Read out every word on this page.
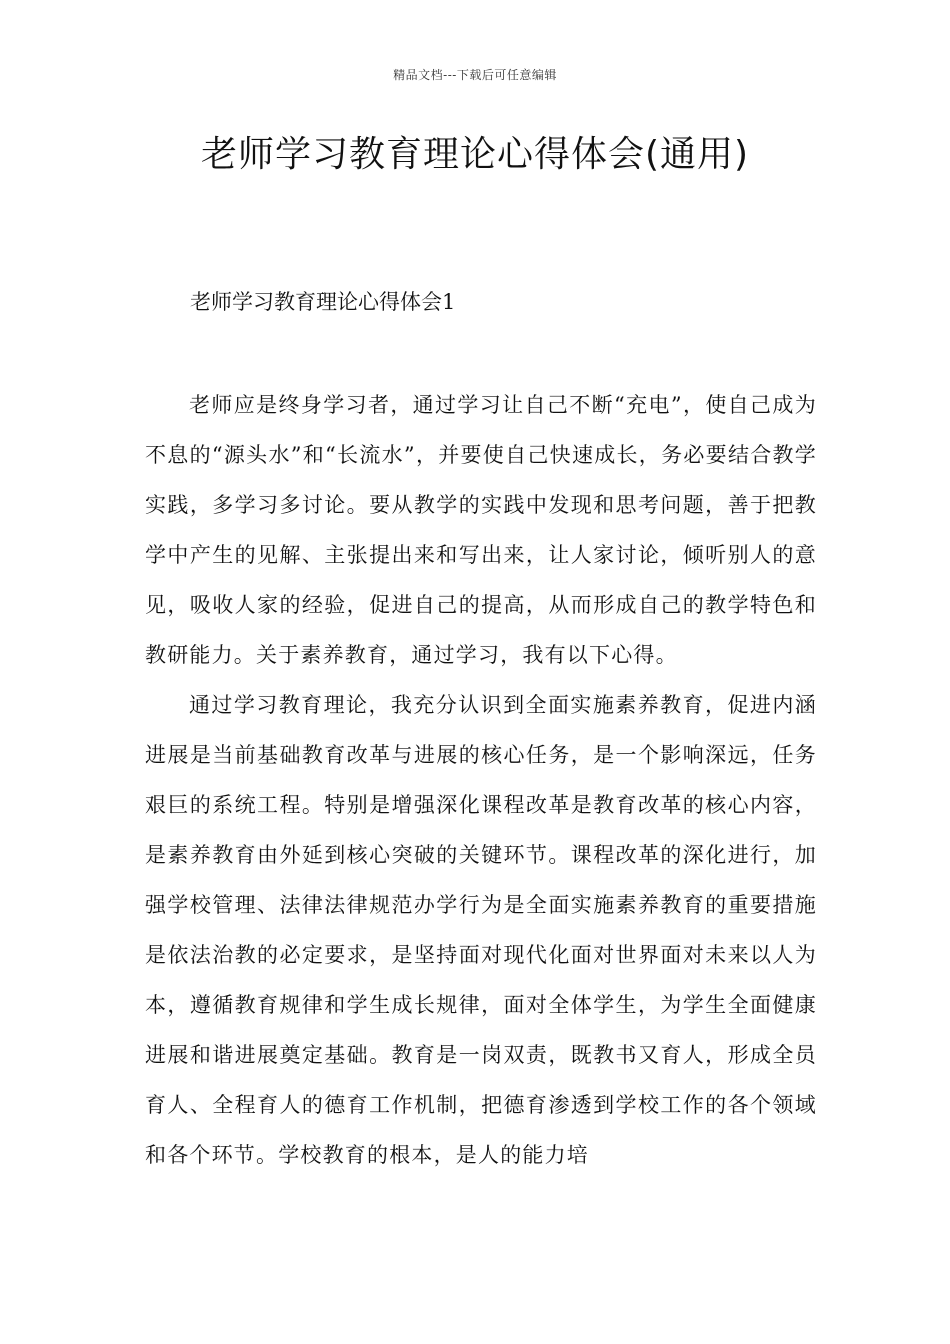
精品文档---下载后可任意编辑
老师学习教育理论心得体会(通用)
老师学习教育理论心得体会1

老师应是终身学习者，通过学习让自己不断“充电”，使自己成为不息的“源头水”和“长流水”，并要使自己快速成长，务必要结合教学实践，多学习多讨论。要从教学的实践中发现和思考问题，善于把教学中产生的见解、主张提出来和写出来，让人家讨论，倾听别人的意见，吸收人家的经验，促进自己的提高，从而形成自己的教学特色和教研能力。关于素养教育，通过学习，我有以下心得。

通过学习教育理论，我充分认识到全面实施素养教育，促进内涵进展是当前基础教育改革与进展的核心任务，是一个影响深远，任务艰巨的系统工程。特别是增强深化课程改革是教育改革的核心内容，是素养教育由外延到核心突破的关键环节。课程改革的深化进行，加强学校管理、法律法律规范办学行为是全面实施素养教育的重要措施是依法治教的必定要求，是坚持面对现代化面对世界面对未来以人为本，遵循教育规律和学生成长规律，面对全体学生，为学生全面健康进展和谐进展奠定基础。教育是一岗双责，既教书又育人，形成全员育人、全程育人的德育工作机制，把德育渗透到学校工作的各个领域和各个环节。学校教育的根本，是人的能力培
